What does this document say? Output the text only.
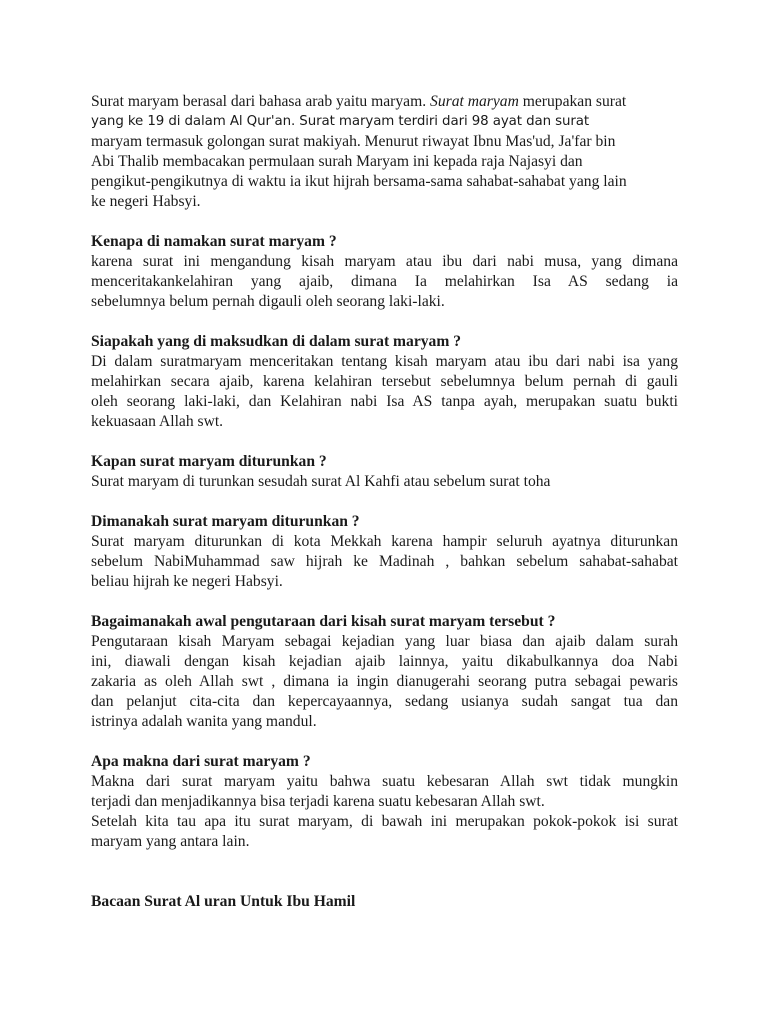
Surat maryam berasal dari bahasa arab yaitu maryam. Surat maryam merupakan surat
yang ke 19 di dalam Al Qur'an. Surat maryam terdiri dari 98 ayat dan surat
maryam termasuk golongan surat makiyah. Menurut riwayat Ibnu Mas'ud, Ja'far bin
Abi Thalib membacakan permulaan surah Maryam ini kepada raja Najasyi dan
pengikut-pengikutnya di waktu ia ikut hijrah bersama-sama sahabat-sahabat yang lain
ke negeri Habsyi.

Kenapa di namakan surat maryam ?

karena surat ini mengandung kisah maryam atau ibu dari nabi musa, yang dimana
menceritakankelahiran yang ajaib, dimana Ia melahirkan Isa AS sedang ia
sebelumnya belum pernah digauli oleh seorang laki-laki.

Siapakah yang di maksudkan di dalam surat maryam ?

Di dalam suratmaryam menceritakan tentang kisah maryam atau ibu dari nabi isa yang
melahirkan secara ajaib, karena kelahiran tersebut sebelumnya belum pernah di gauli
oleh seorang laki-laki, dan Kelahiran nabi Isa AS tanpa ayah, merupakan suatu bukti
kekuasaan Allah swt.

Kapan surat maryam diturunkan ?

Surat maryam di turunkan sesudah surat Al Kahfi atau sebelum surat toha

Dimanakah surat maryam diturunkan ?

Surat maryam diturunkan di kota Mekkah karena hampir seluruh ayatnya diturunkan
sebelum NabiMuhammad saw hijrah ke Madinah , bahkan sebelum sahabat-sahabat
beliau hijrah ke negeri Habsyi.

Bagaimanakah awal pengutaraan dari kisah surat maryam tersebut ?

Pengutaraan kisah Maryam sebagai kejadian yang luar biasa dan ajaib dalam surah
ini, diawali dengan kisah kejadian ajaib lainnya, yaitu dikabulkannya doa Nabi
zakaria as oleh Allah swt , dimana ia ingin dianugerahi seorang putra sebagai pewaris
dan pelanjut cita-cita dan kepercayaannya, sedang usianya sudah sangat tua dan
istrinya adalah wanita yang mandul.

Apa makna dari surat maryam ?

Makna dari surat maryam yaitu bahwa suatu kebesaran Allah swt tidak mungkin
terjadi dan menjadikannya bisa terjadi karena suatu kebesaran Allah swt.
Setelah kita tau apa itu surat maryam, di bawah ini merupakan pokok-pokok isi surat
maryam yang antara lain.

Bacaan Surat Al uran Untuk Ibu Hamil
